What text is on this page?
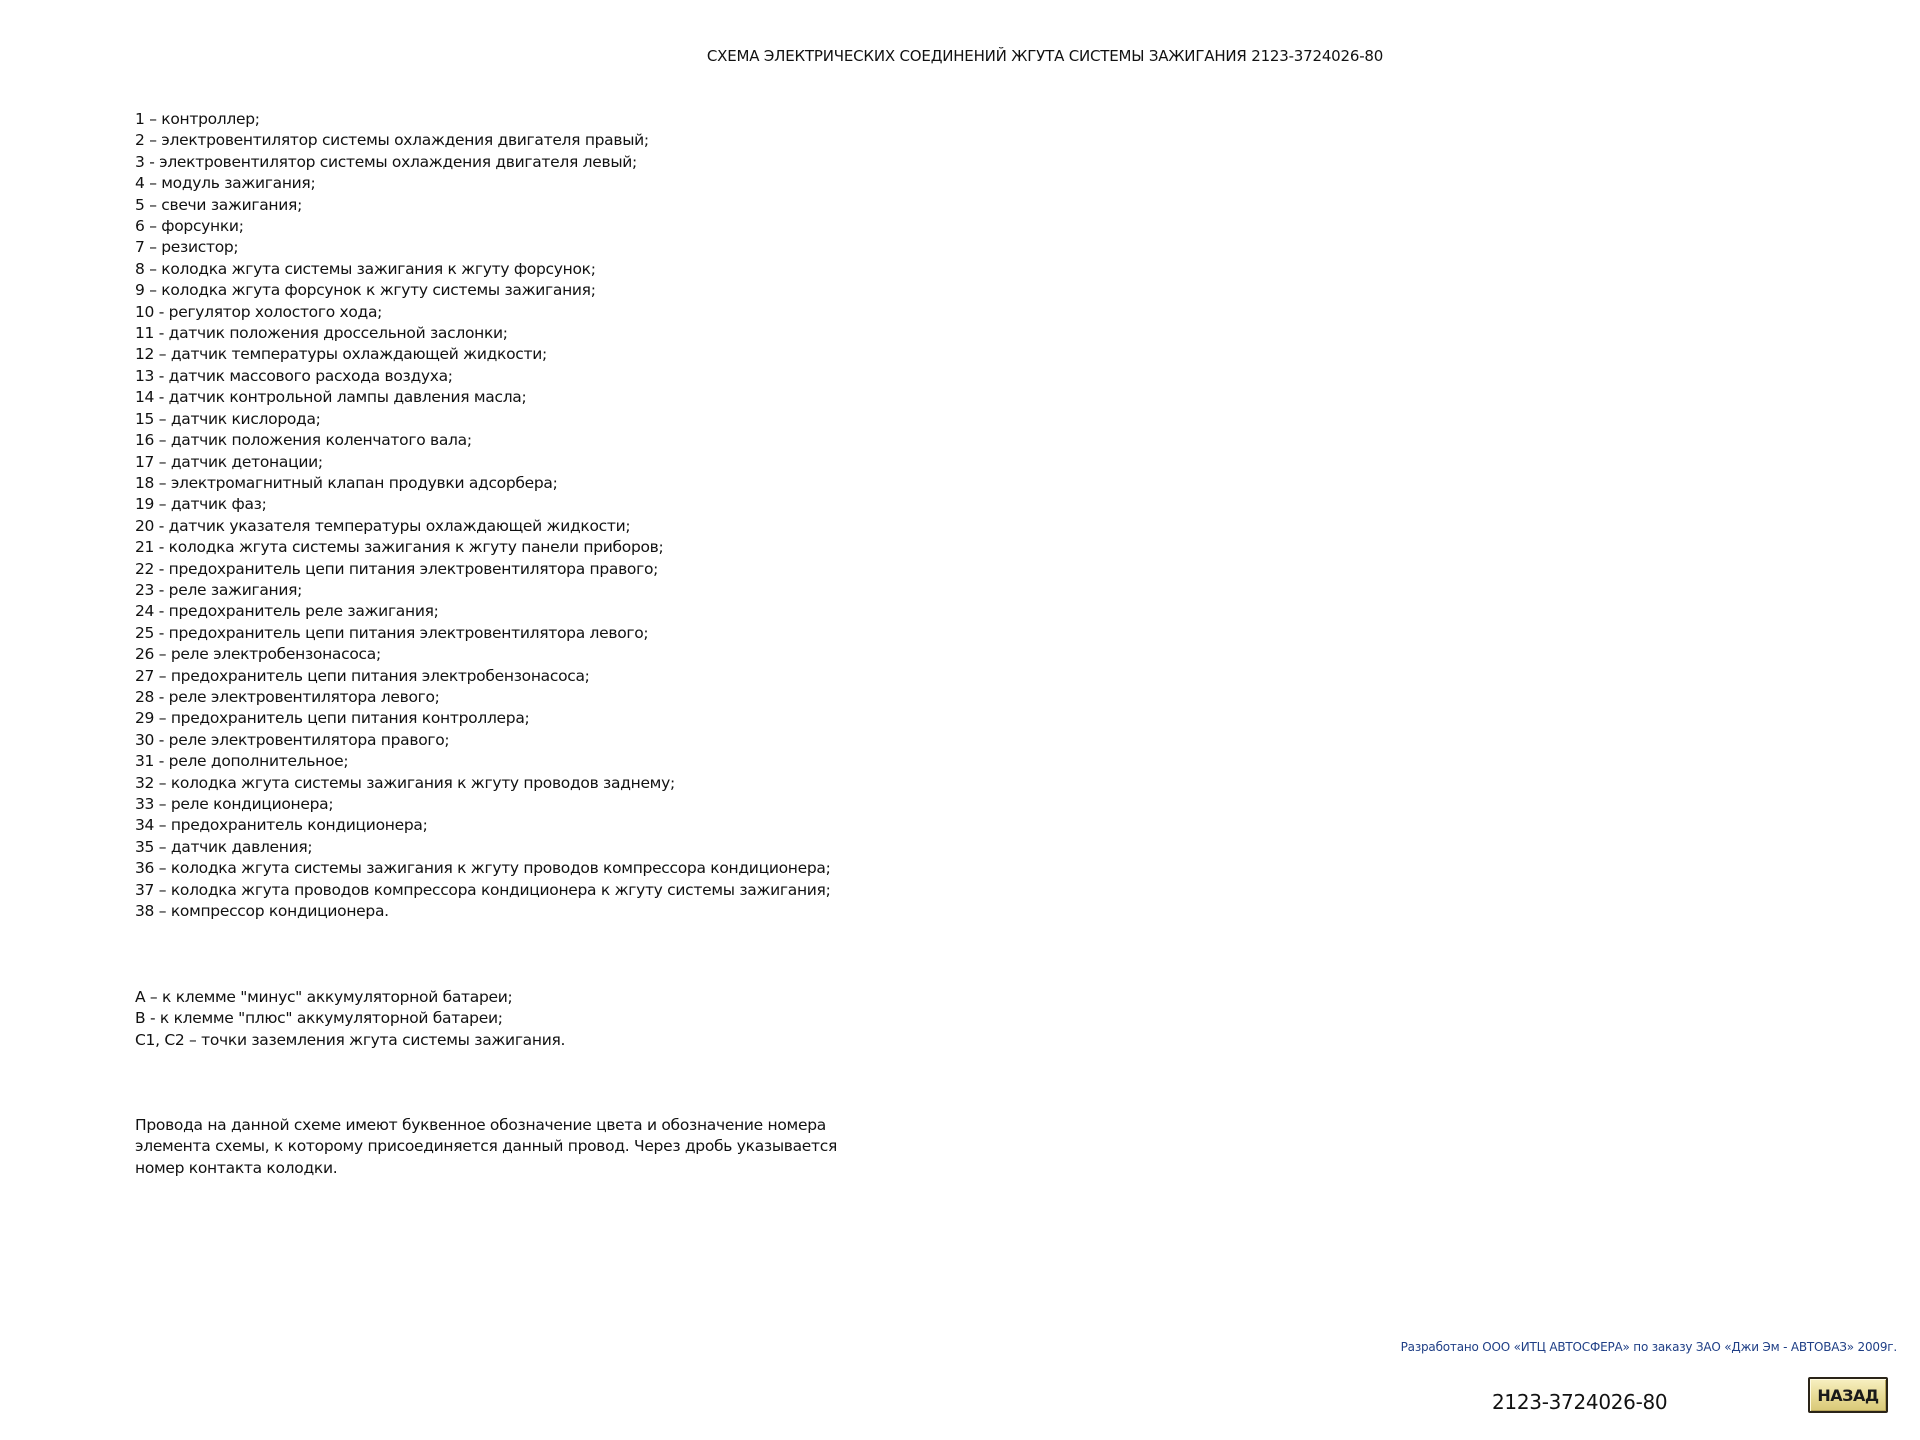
СХЕМА ЭЛЕКТРИЧЕСКИХ СОЕДИНЕНИЙ ЖГУТА СИСТЕМЫ ЗАЖИГАНИЯ 2123-3724026-80
1 – контроллер;
2 – электровентилятор системы охлаждения двигателя правый;
3 - электровентилятор системы охлаждения двигателя левый;
4 – модуль зажигания;
5 – свечи зажигания;
6 – форсунки;
7 – резистор;
8 – колодка жгута системы зажигания к жгуту форсунок;
9 – колодка жгута форсунок к жгуту системы зажигания;
10 - регулятор холостого хода;
11 - датчик положения дроссельной заслонки;
12 – датчик температуры охлаждающей жидкости;
13 - датчик массового расхода воздуха;
14 - датчик контрольной лампы давления масла;
15 – датчик кислорода;
16 – датчик положения коленчатого вала;
17 – датчик детонации;
18 – электромагнитный клапан продувки адсорбера;
19 – датчик фаз;
20 - датчик указателя температуры охлаждающей жидкости;
21 - колодка жгута системы зажигания к жгуту панели приборов;
22 - предохранитель цепи питания электровентилятора правого;
23 - реле зажигания;
24 - предохранитель реле зажигания;
25 - предохранитель цепи питания электровентилятора левого;
26 – реле электробензонасоса;
27 – предохранитель цепи питания электробензонасоса;
28 - реле электровентилятора левого;
29 – предохранитель цепи питания контроллера;
30 - реле электровентилятора правого;
31 - реле дополнительное;
32 – колодка жгута системы зажигания к жгуту проводов заднему;
33 – реле кондиционера;
34 – предохранитель кондиционера;
35 – датчик давления;
36 – колодка жгута системы зажигания к жгуту проводов компрессора кондиционера;
37 – колодка жгута проводов компрессора кондиционера к жгуту системы зажигания;
38 – компрессор кондиционера.
А – к клемме "минус" аккумуляторной батареи;
В - к клемме "плюс" аккумуляторной батареи;
С1, С2 – точки заземления жгута системы зажигания.

Провода на данной схеме имеют буквенное обозначение цвета и обозначение номера
элемента схемы, к которому присоединяется данный провод. Через дробь указывается
номер контакта колодки.

Разработано ООО «ИТЦ АВТОСФЕРА» по заказу ЗАО «Джи Эм - АВТОВАЗ» 2009г.
2123-3724026-80	НАЗАД
